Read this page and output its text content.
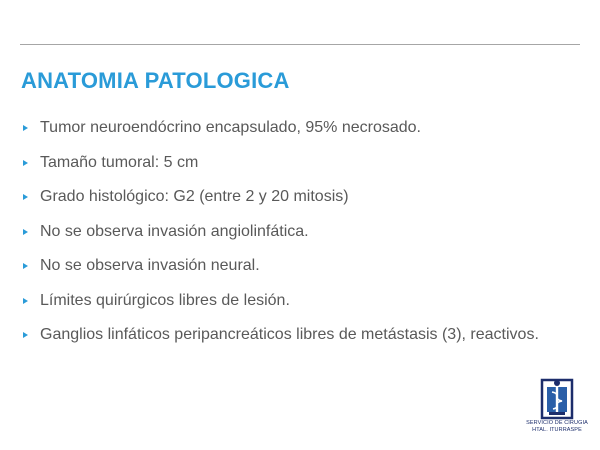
ANATOMIA PATOLOGICA
Tumor neuroendócrino encapsulado, 95% necrosado.
Tamaño tumoral: 5 cm
Grado histológico: G2 (entre 2 y 20 mitosis)
No se observa invasión angiolinfática.
No se observa invasión neural.
Límites quirúrgicos libres de lesión.
Ganglios linfáticos peripancreáticos libres de metástasis (3), reactivos.
SERVICIO DE CIRUGIA
HTAL. ITURRASPE
